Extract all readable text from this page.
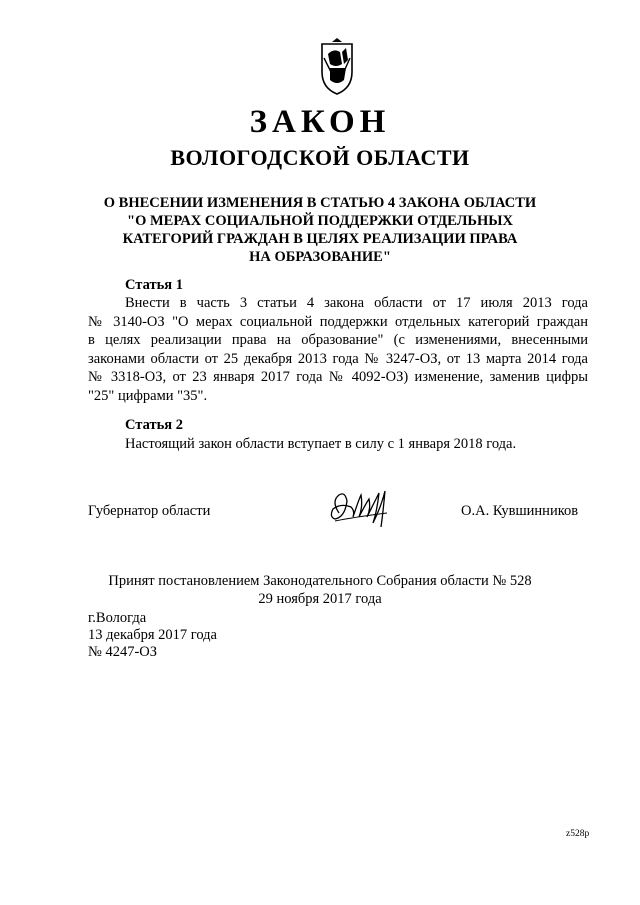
ЗАКОН
ВОЛОГОДСКОЙ ОБЛАСТИ
О ВНЕСЕНИИ ИЗМЕНЕНИЯ В СТАТЬЮ 4 ЗАКОНА ОБЛАСТИ
"О МЕРАХ СОЦИАЛЬНОЙ ПОДДЕРЖКИ ОТДЕЛЬНЫХ
КАТЕГОРИЙ ГРАЖДАН В ЦЕЛЯХ РЕАЛИЗАЦИИ ПРАВА
НА ОБРАЗОВАНИЕ"
Статья 1
Внести в часть 3 статьи 4 закона области от 17 июля 2013 года
№ 3140-ОЗ "О мерах социальной поддержки отдельных категорий граждан
в целях реализации права на образование" (с изменениями, внесенными
законами области от 25 декабря 2013 года № 3247-ОЗ, от 13 марта 2014 года
№ 3318-ОЗ, от 23 января 2017 года № 4092-ОЗ) изменение, заменив цифры
"25" цифрами "35".
Статья 2
Настоящий закон области вступает в силу с 1 января 2018 года.
Губернатор области	О.А. Кувшинников
Принят постановлением Законодательного Собрания области № 528
29 ноября 2017 года
г.Вологда
13 декабря 2017 года
№ 4247-ОЗ
z528p
